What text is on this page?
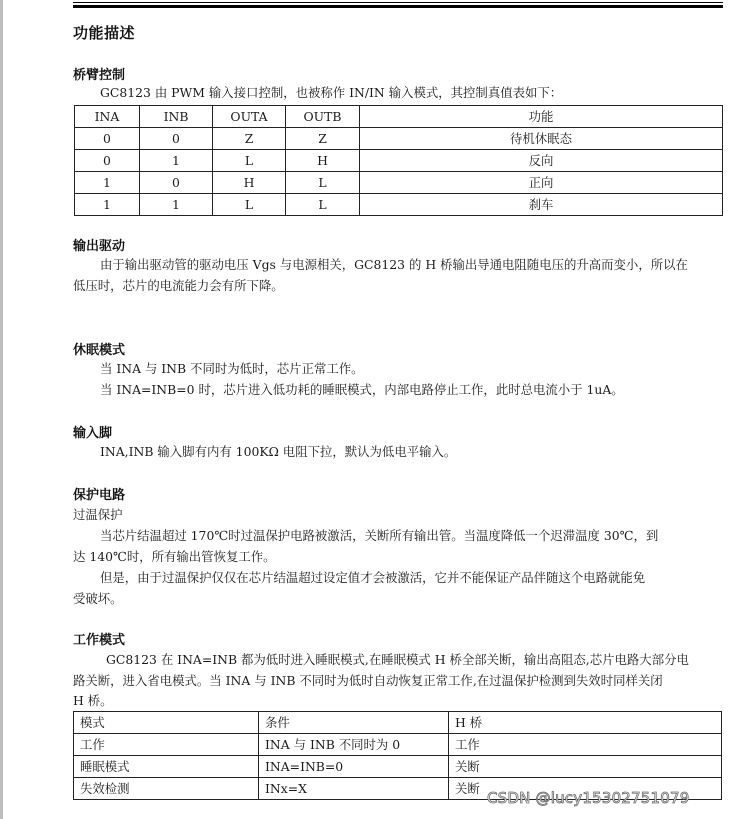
功能描述
桥臂控制
GC8123 由 PWM 输入接口控制，也被称作 IN/IN 输入模式，其控制真值表如下：
INA	INB	OUTA	OUTB	功能
0	0	Z	Z	待机休眠态
0	1	L	H	反向
1	0	H	L	正向
1	1	L	L	刹车
输出驱动
由于输出驱动管的驱动电压 Vgs 与电源相关，GC8123 的 H 桥输出导通电阻随电压的升高而变小，所以在
低压时，芯片的电流能力会有所下降。
休眠模式
当 INA 与 INB 不同时为低时，芯片正常工作。
当 INA=INB=0 时，芯片进入低功耗的睡眠模式，内部电路停止工作，此时总电流小于 1uA。
输入脚
INA,INB 输入脚有内有 100KΩ 电阻下拉，默认为低电平输入。
保护电路
过温保护
当芯片结温超过 170℃时过温保护电路被激活，关断所有输出管。当温度降低一个迟滞温度 30℃，到
达 140℃时，所有输出管恢复工作。
但是，由于过温保护仅仅在芯片结温超过设定值才会被激活，它并不能保证产品伴随这个电路就能免
受破坏。
工作模式
GC8123 在 INA=INB 都为低时进入睡眠模式,在睡眠模式 H 桥全部关断，输出高阻态,芯片电路大部分电
路关断，进入省电模式。当 INA 与 INB 不同时为低时自动恢复正常工作,在过温保护检测到失效时同样关闭
H 桥。
模式	条件	H 桥
工作	INA 与 INB 不同时为 0	工作
睡眠模式	INA=INB=0	关断
失效检测	INx=X	关断
CSDN @lucy15302751079
